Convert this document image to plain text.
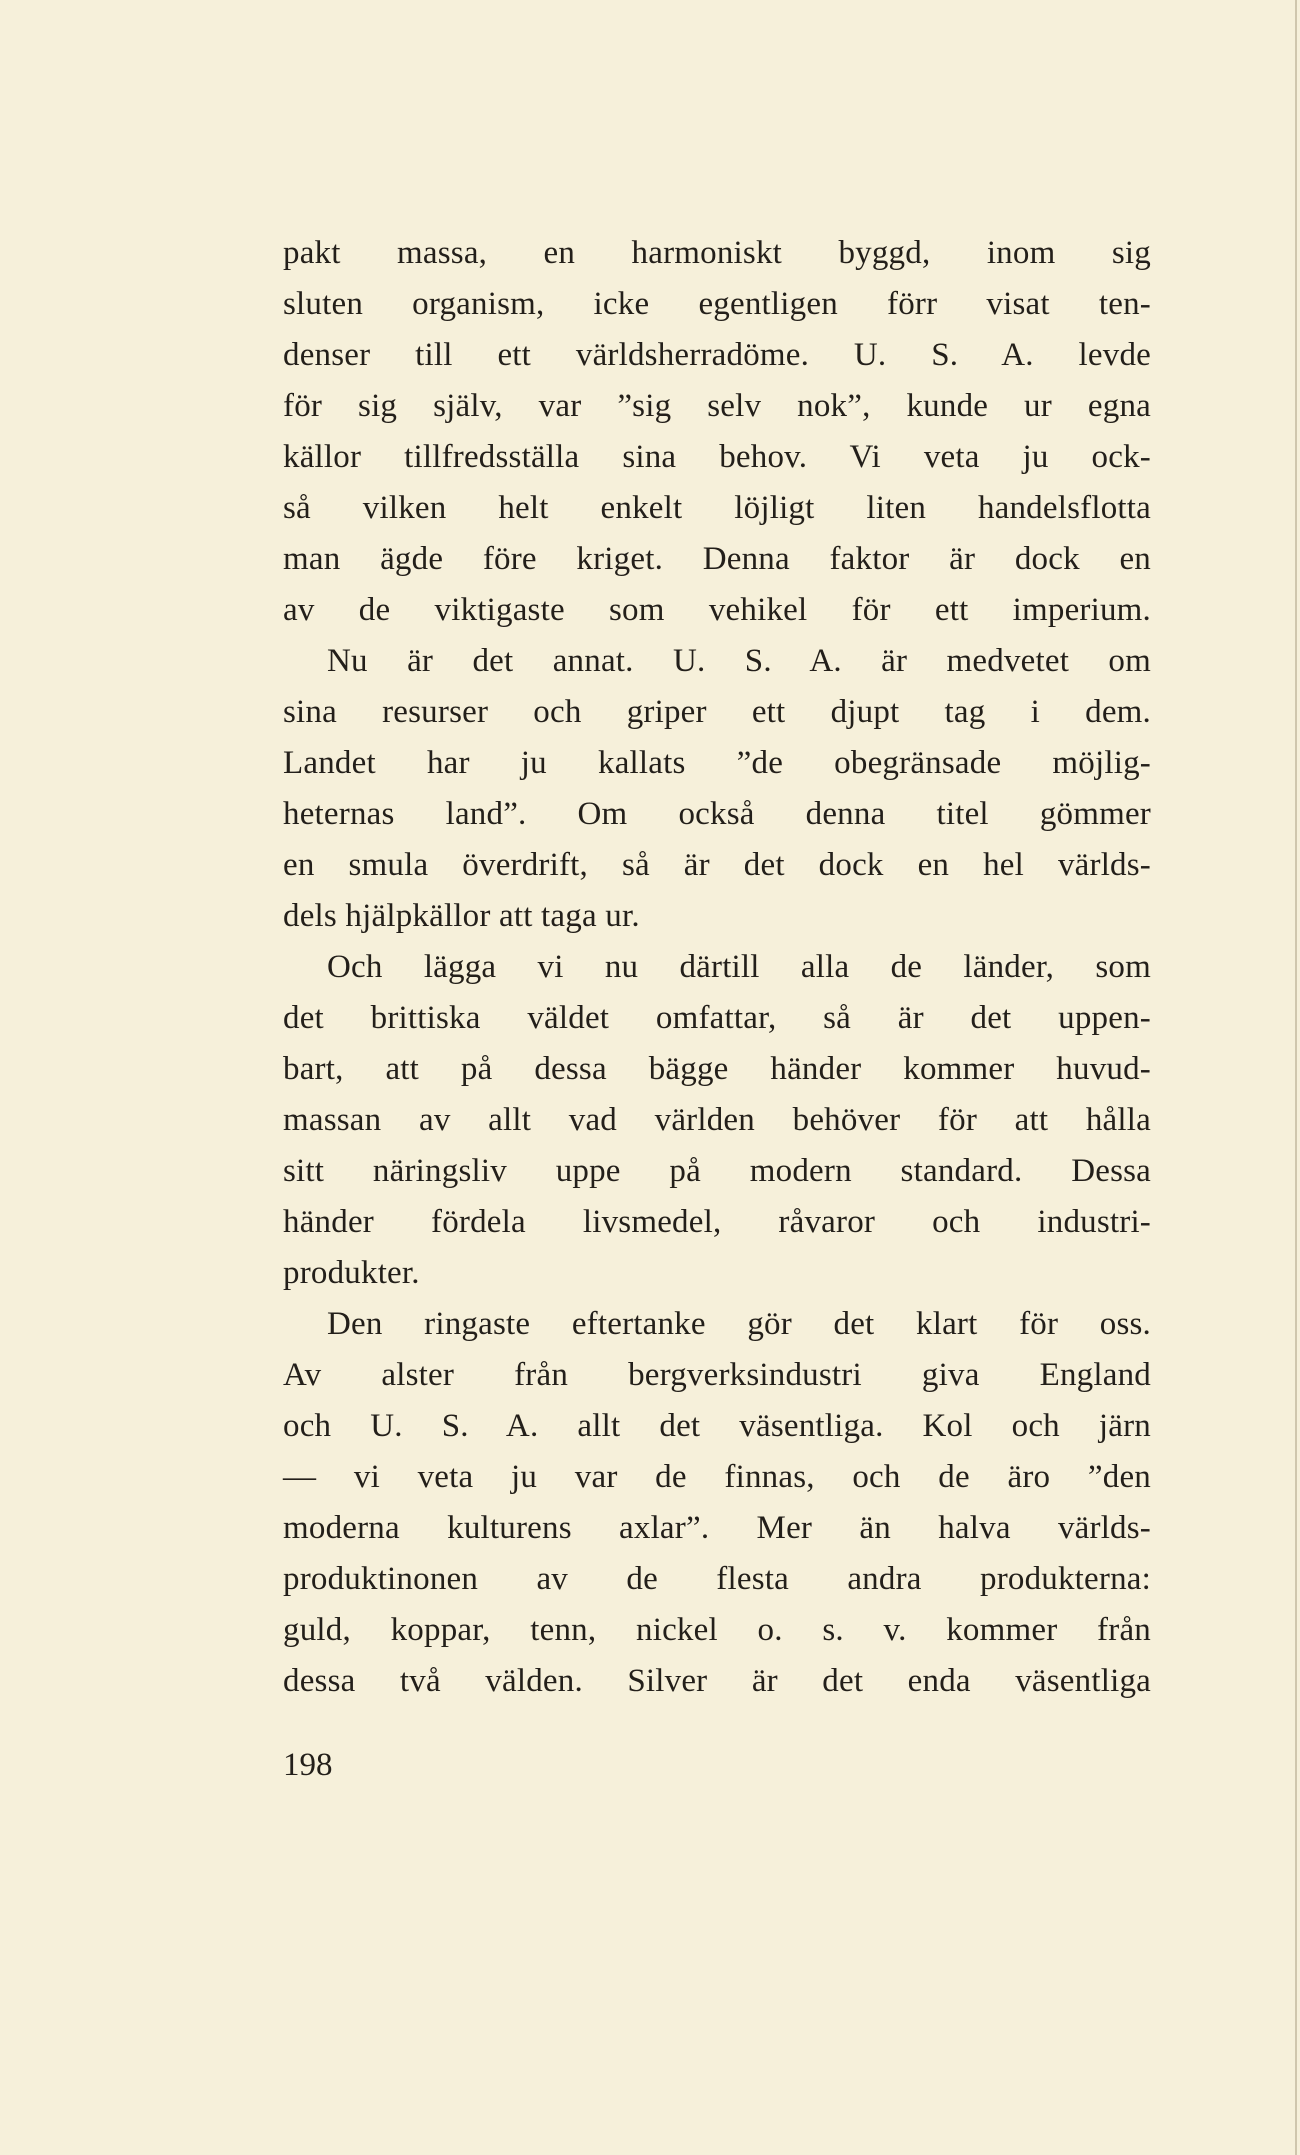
pakt massa, en harmoniskt byggd, inom sig
sluten organism, icke egentligen förr visat ten-
denser till ett världsherradöme. U. S. A. levde
för sig själv, var ”sig selv nok”, kunde ur egna
källor tillfredsställa sina behov. Vi veta ju ock-
så vilken helt enkelt löjligt liten handelsflotta
man ägde före kriget. Denna faktor är dock en
av de viktigaste som vehikel för ett imperium.
Nu är det annat. U. S. A. är medvetet om
sina resurser och griper ett djupt tag i dem.
Landet har ju kallats ”de obegränsade möjlig-
heternas land”. Om också denna titel gömmer
en smula överdrift, så är det dock en hel världs-
dels hjälpkällor att taga ur.
Och lägga vi nu därtill alla de länder, som
det brittiska väldet omfattar, så är det uppen-
bart, att på dessa bägge händer kommer huvud-
massan av allt vad världen behöver för att hålla
sitt näringsliv uppe på modern standard. Dessa
händer fördela livsmedel, råvaror och industri-
produkter.
Den ringaste eftertanke gör det klart för oss.
Av alster från bergverksindustri giva England
och U. S. A. allt det väsentliga. Kol och järn
— vi veta ju var de finnas, och de äro ”den
moderna kulturens axlar”. Mer än halva världs-
produktinonen av de flesta andra produkterna:
guld, koppar, tenn, nickel o. s. v. kommer från
dessa två välden. Silver är det enda väsentliga
198
